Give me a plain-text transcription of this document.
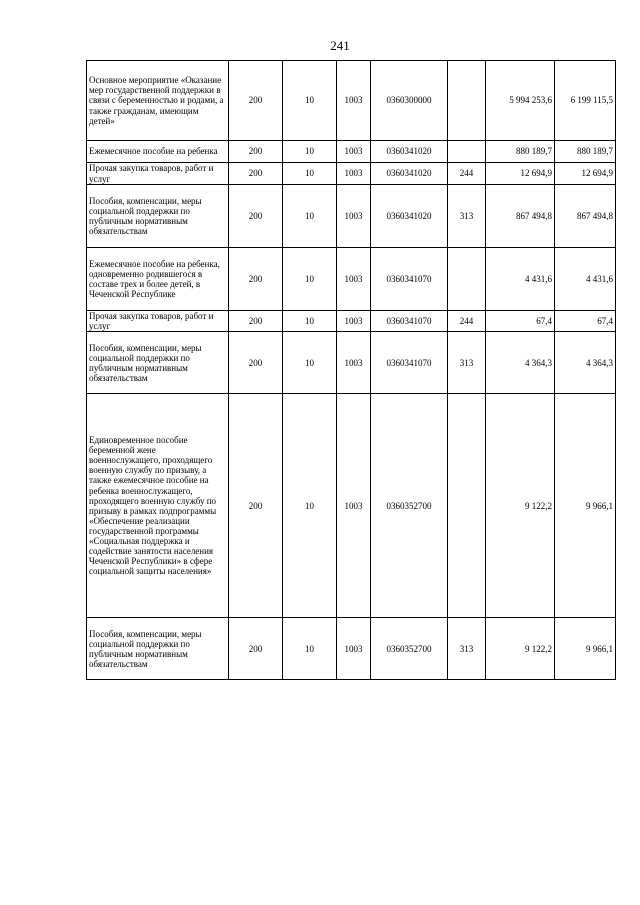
241
Основное мероприятие «Оказание мер государственной поддержки в связи с беременностью и родами, а также гражданам, имеющим детей»	200	10	1003	0360300000		5 994 253,6	6 199 115,5
Ежемесячное пособие на ребенка	200	10	1003	0360341020		880 189,7	880 189,7
Прочая закупка товаров, работ и услуг	200	10	1003	0360341020	244	12 694,9	12 694,9
Пособия, компенсации, меры социальной поддержки по публичным нормативным обязательствам	200	10	1003	0360341020	313	867 494,8	867 494,8
Ежемесячное пособие на ребенка, одновременно родившегося в составе трех и более детей, в Чеченской Республике	200	10	1003	0360341070		4 431,6	4 431,6
Прочая закупка товаров, работ и услуг	200	10	1003	0360341070	244	67,4	67,4
Пособия, компенсации, меры социальной поддержки по публичным нормативным обязательствам	200	10	1003	0360341070	313	4 364,3	4 364,3
Единовременное пособие беременной жене военнослужащего, проходящего военную службу по призыву, а также ежемесячное пособие на ребенка военнослужащего, проходящего военную службу по призыву в рамках подпрограммы «Обеспечение реализации государственной программы «Социальная поддержка и содействие занятости населения Чеченской Республики» в сфере социальной защиты населения»	200	10	1003	0360352700		9 122,2	9 966,1
Пособия, компенсации, меры социальной поддержки по публичным нормативным обязательствам	200	10	1003	0360352700	313	9 122,2	9 966,1
